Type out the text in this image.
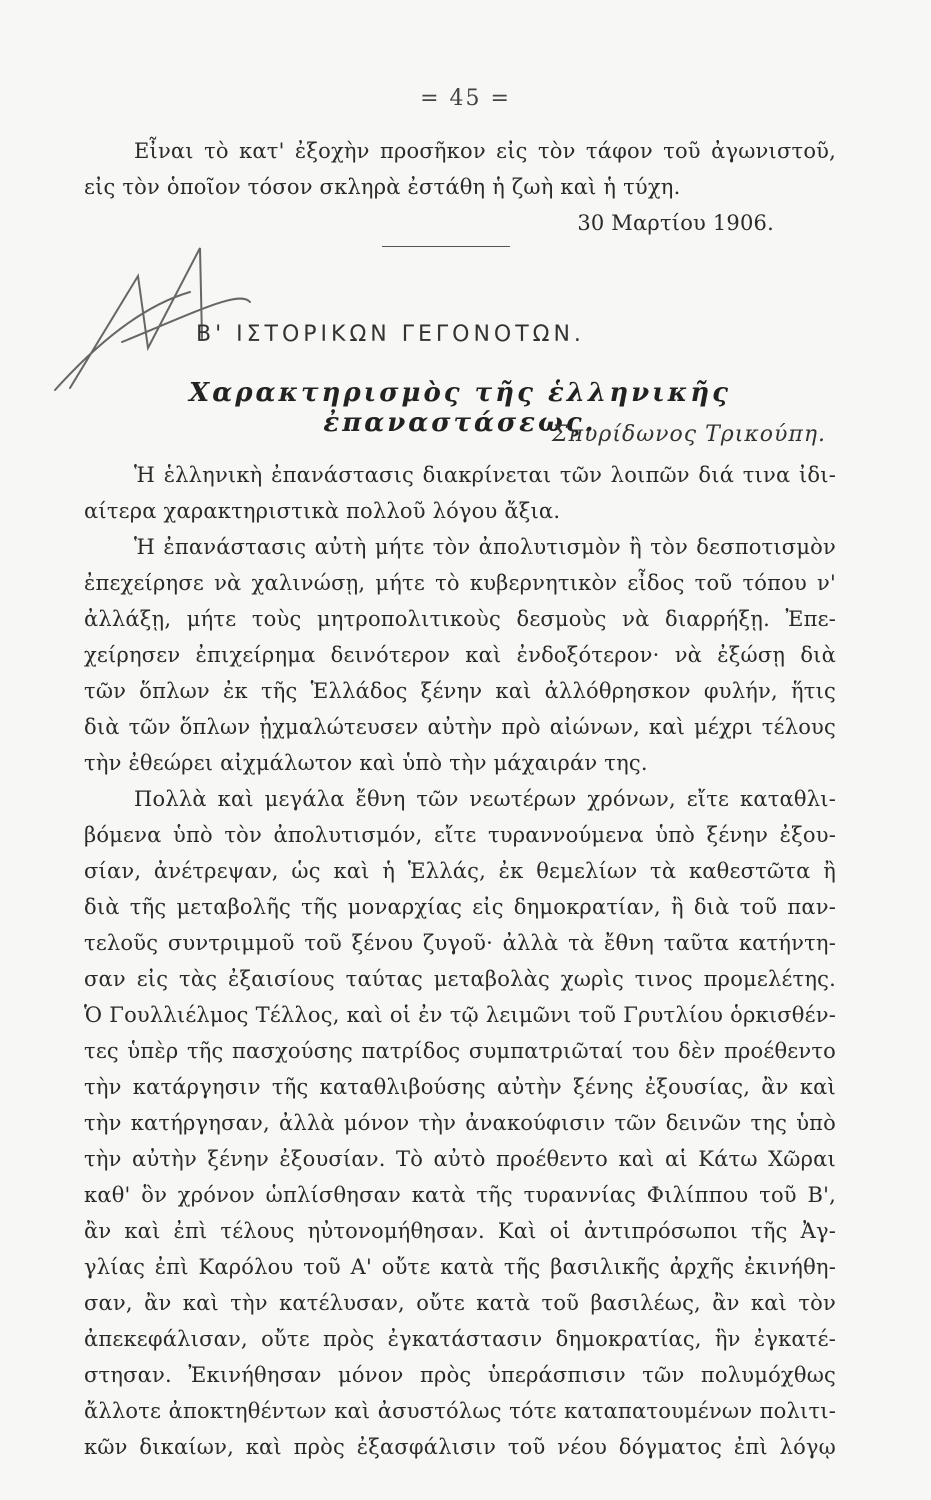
= 45 =
Εἶναι τὸ κατ' ἐξοχὴν προσῆκον εἰς τὸν τάφον τοῦ ἀγωνιστοῦ,
εἰς τὸν ὁποῖον τόσον σκληρὰ ἐστάθη ἡ ζωὴ καὶ ἡ τύχη.
30 Μαρτίου 1906.
Β' ΙΣΤΟΡΙΚΩΝ ΓΕΓΟΝΟΤΩΝ.
Χαρακτηρισμὸς τῆς ἑλληνικῆς ἐπαναστάσεως.
Σπυρίδωνος Τρικούπη.
Ἡ ἑλληνικὴ ἐπανάστασις διακρίνεται τῶν λοιπῶν διά τινα ἰδι-
αίτερα χαρακτηριστικὰ πολλοῦ λόγου ἄξια.
Ἡ ἐπανάστασις αὐτὴ μήτε τὸν ἀπολυτισμὸν ἢ τὸν δεσποτισμὸν
ἐπεχείρησε νὰ χαλινώσῃ, μήτε τὸ κυβερνητικὸν εἶδος τοῦ τόπου ν'
ἀλλάξῃ, μήτε τοὺς μητροπολιτικοὺς δεσμοὺς νὰ διαρρήξῃ. Ἐπε-
χείρησεν ἐπιχείρημα δεινότερον καὶ ἐνδοξότερον· νὰ ἐξώσῃ διὰ
τῶν ὅπλων ἐκ τῆς Ἑλλάδος ξένην καὶ ἀλλόθρησκον φυλήν, ἥτις
διὰ τῶν ὅπλων ᾐχμαλώτευσεν αὐτὴν πρὸ αἰώνων, καὶ μέχρι τέλους
τὴν ἐθεώρει αἰχμάλωτον καὶ ὑπὸ τὴν μάχαιράν της.
Πολλὰ καὶ μεγάλα ἔθνη τῶν νεωτέρων χρόνων, εἴτε καταθλι-
βόμενα ὑπὸ τὸν ἀπολυτισμόν, εἴτε τυραννούμενα ὑπὸ ξένην ἐξου-
σίαν, ἀνέτρεψαν, ὡς καὶ ἡ Ἑλλάς, ἐκ θεμελίων τὰ καθεστῶτα ἢ
διὰ τῆς μεταβολῆς τῆς μοναρχίας εἰς δημοκρατίαν, ἢ διὰ τοῦ παν-
τελοῦς συντριμμοῦ τοῦ ξένου ζυγοῦ· ἀλλὰ τὰ ἔθνη ταῦτα κατήντη-
σαν εἰς τὰς ἐξαισίους ταύτας μεταβολὰς χωρὶς τινος προμελέτης.
Ὁ Γουλλιέλμος Τέλλος, καὶ οἱ ἐν τῷ λειμῶνι τοῦ Γρυτλίου ὁρκισθέν-
τες ὑπὲρ τῆς πασχούσης πατρίδος συμπατριῶταί του δὲν προέθεντο
τὴν κατάργησιν τῆς καταθλιβούσης αὐτὴν ξένης ἐξουσίας, ἂν καὶ
τὴν κατήργησαν, ἀλλὰ μόνον τὴν ἀνακούφισιν τῶν δεινῶν της ὑπὸ
τὴν αὐτὴν ξένην ἐξουσίαν. Τὸ αὐτὸ προέθεντο καὶ αἱ Κάτω Χῶραι
καθ' ὃν χρόνον ὡπλίσθησαν κατὰ τῆς τυραννίας Φιλίππου τοῦ Β',
ἂν καὶ ἐπὶ τέλους ηὐτονομήθησαν. Καὶ οἱ ἀντιπρόσωποι τῆς Ἀγ-
γλίας ἐπὶ Καρόλου τοῦ Α' οὔτε κατὰ τῆς βασιλικῆς ἀρχῆς ἐκινήθη-
σαν, ἂν καὶ τὴν κατέλυσαν, οὔτε κατὰ τοῦ βασιλέως, ἂν καὶ τὸν
ἀπεκεφάλισαν, οὔτε πρὸς ἐγκατάστασιν δημοκρατίας, ἣν ἐγκατέ-
στησαν. Ἐκινήθησαν μόνον πρὸς ὑπεράσπισιν τῶν πολυμόχθως
ἄλλοτε ἀποκτηθέντων καὶ ἀσυστόλως τότε καταπατουμένων πολιτι-
κῶν δικαίων, καὶ πρὸς ἐξασφάλισιν τοῦ νέου δόγματος ἐπὶ λόγῳ
